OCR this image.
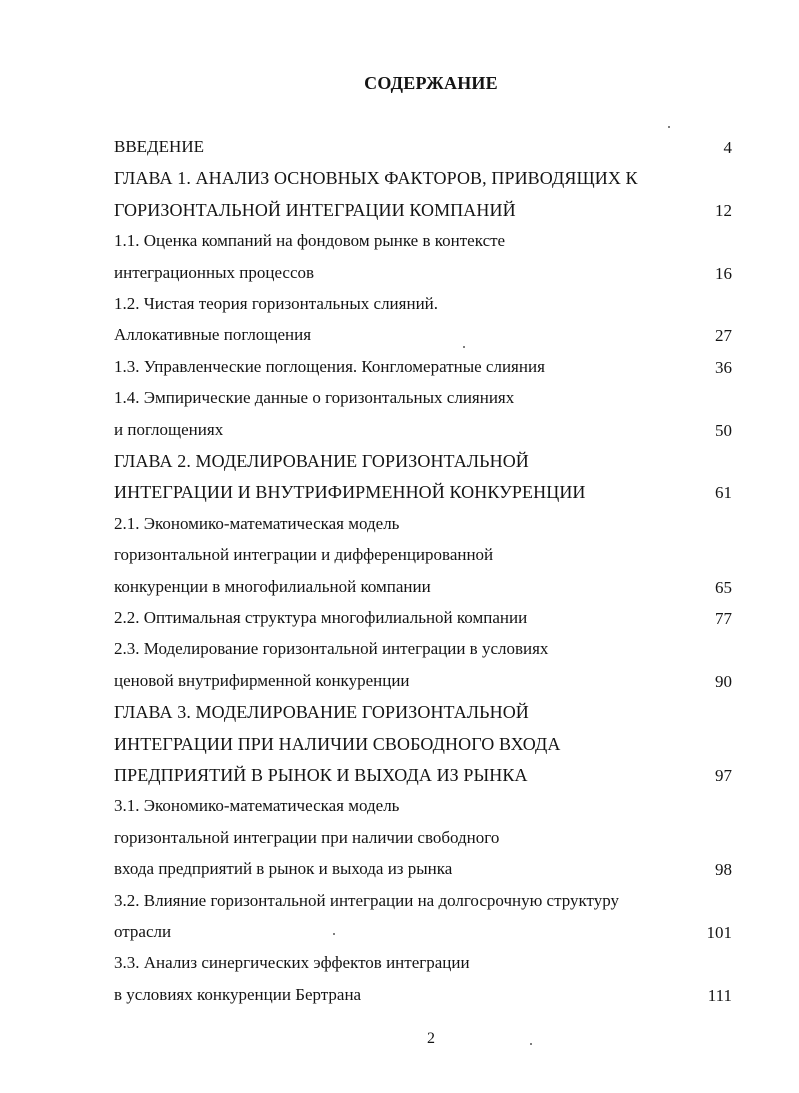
СОДЕРЖАНИЕ
ВВЕДЕНИЕ	4
ГЛАВА 1. АНАЛИЗ ОСНОВНЫХ ФАКТОРОВ, ПРИВОДЯЩИХ К
ГОРИЗОНТАЛЬНОЙ ИНТЕГРАЦИИ КОМПАНИЙ	12
1.1. Оценка компаний на фондовом рынке в контексте
интеграционных процессов	16
1.2. Чистая теория горизонтальных слияний.
Аллокативные поглощения	27
1.3. Управленческие поглощения. Конгломератные слияния	36
1.4. Эмпирические данные о горизонтальных слияниях
и поглощениях	50
ГЛАВА 2. МОДЕЛИРОВАНИЕ ГОРИЗОНТАЛЬНОЙ
ИНТЕГРАЦИИ И ВНУТРИФИРМЕННОЙ КОНКУРЕНЦИИ	61
2.1. Экономико-математическая модель
горизонтальной интеграции и дифференцированной
конкуренции в многофилиальной компании	65
2.2. Оптимальная структура многофилиальной компании	77
2.3. Моделирование горизонтальной интеграции в условиях
ценовой внутрифирменной конкуренции	90
ГЛАВА 3. МОДЕЛИРОВАНИЕ ГОРИЗОНТАЛЬНОЙ
ИНТЕГРАЦИИ ПРИ НАЛИЧИИ СВОБОДНОГО ВХОДА
ПРЕДПРИЯТИЙ В РЫНОК И ВЫХОДА ИЗ РЫНКА	97
3.1. Экономико-математическая модель
горизонтальной интеграции при наличии свободного
входа предприятий в рынок и выхода из рынка	98
3.2. Влияние горизонтальной интеграции на долгосрочную структуру
отрасли	101
3.3. Анализ синергических эффектов интеграции
в условиях конкуренции Бертрана	111
2
